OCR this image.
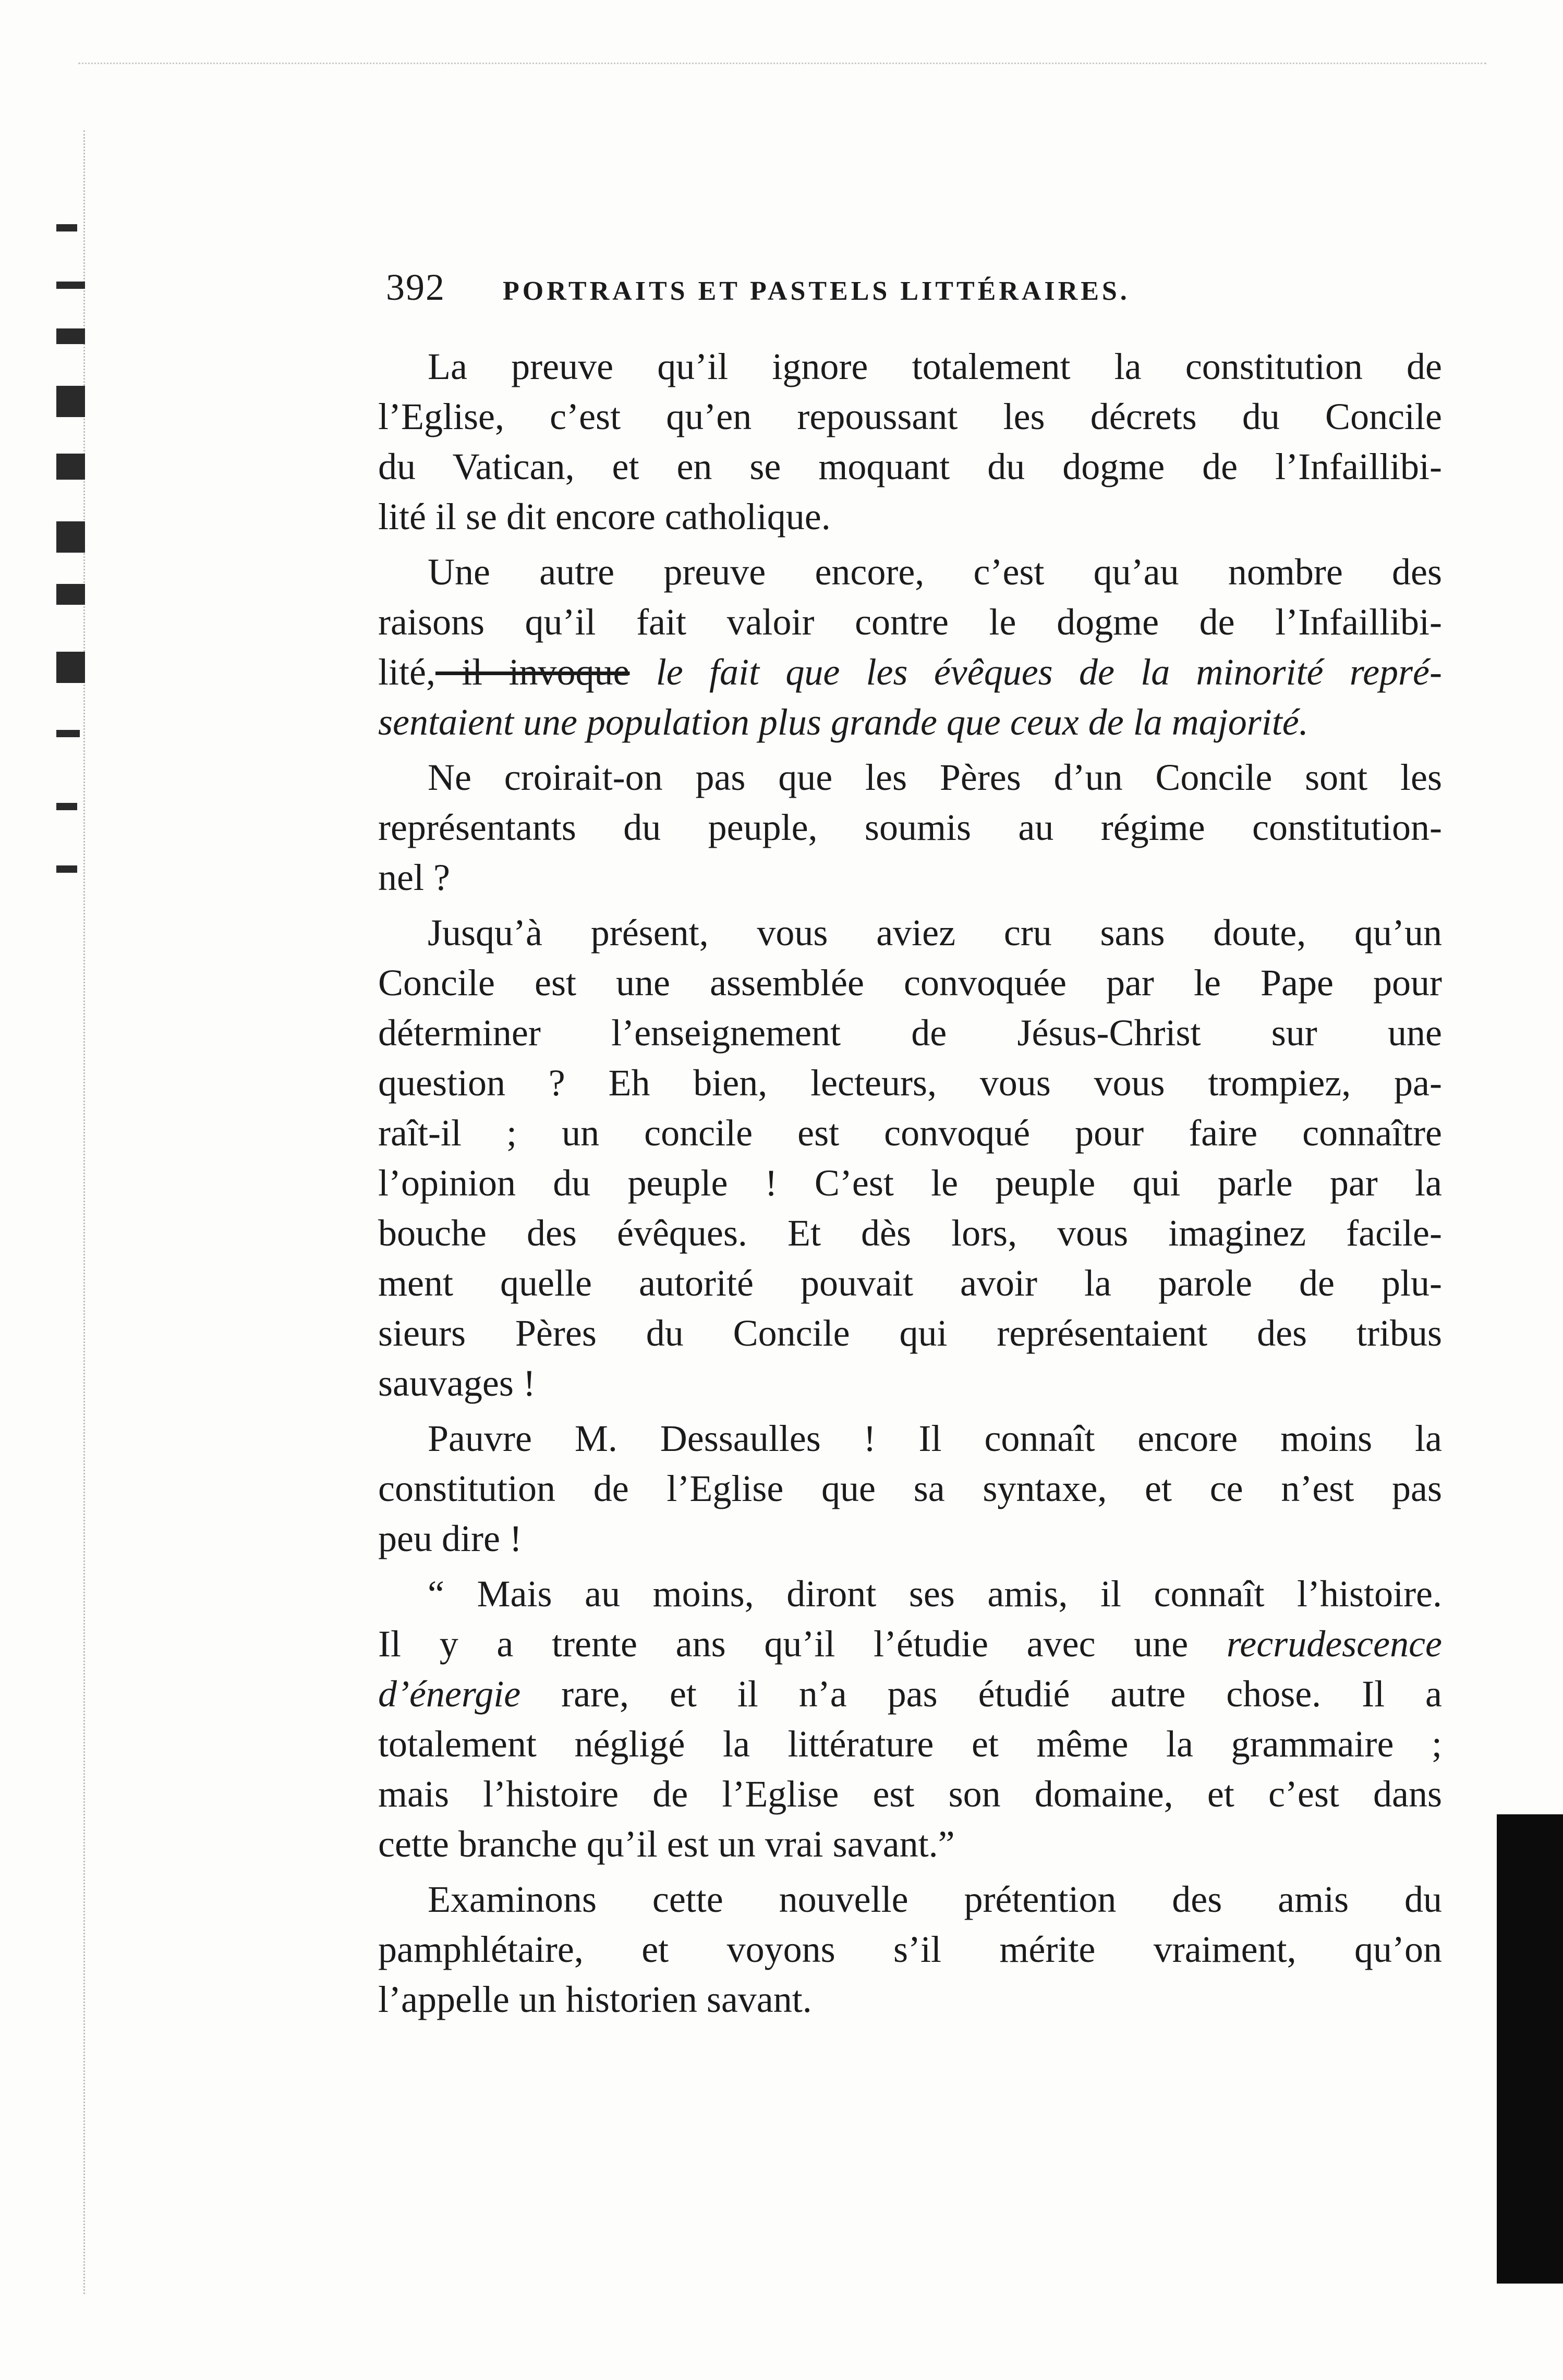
392 PORTRAITS ET PASTELS LITTÉRAIRES.
La preuve qu’il ignore totalement la constitution de
l’Eglise, c’est qu’en repoussant les décrets du Concile
du Vatican, et en se moquant du dogme de l’Infaillibi-
lité il se dit encore catholique.
Une autre preuve encore, c’est qu’au nombre des
raisons qu’il fait valoir contre le dogme de l’Infaillibi-
lité, il invoque le fait que les évêques de la minorité repré-
sentaient une population plus grande que ceux de la majorité.
Ne croirait-on pas que les Pères d’un Concile sont les
représentants du peuple, soumis au régime constitution-
nel ?
Jusqu’à présent, vous aviez cru sans doute, qu’un
Concile est une assemblée convoquée par le Pape pour
déterminer l’enseignement de Jésus-Christ sur une
question ? Eh bien, lecteurs, vous vous trompiez, pa-
raît-il ; un concile est convoqué pour faire connaître
l’opinion du peuple ! C’est le peuple qui parle par la
bouche des évêques. Et dès lors, vous imaginez facile-
ment quelle autorité pouvait avoir la parole de plu-
sieurs Pères du Concile qui représentaient des tribus
sauvages !
Pauvre M. Dessaulles ! Il connaît encore moins la
constitution de l’Eglise que sa syntaxe, et ce n’est pas
peu dire !
“ Mais au moins, diront ses amis, il connaît l’histoire.
Il y a trente ans qu’il l’étudie avec une recrudescence
d’énergie rare, et il n’a pas étudié autre chose. Il a
totalement négligé la littérature et même la grammaire ;
mais l’histoire de l’Eglise est son domaine, et c’est dans
cette branche qu’il est un vrai savant.”
Examinons cette nouvelle prétention des amis du
pamphlétaire, et voyons s’il mérite vraiment, qu’on
l’appelle un historien savant.
